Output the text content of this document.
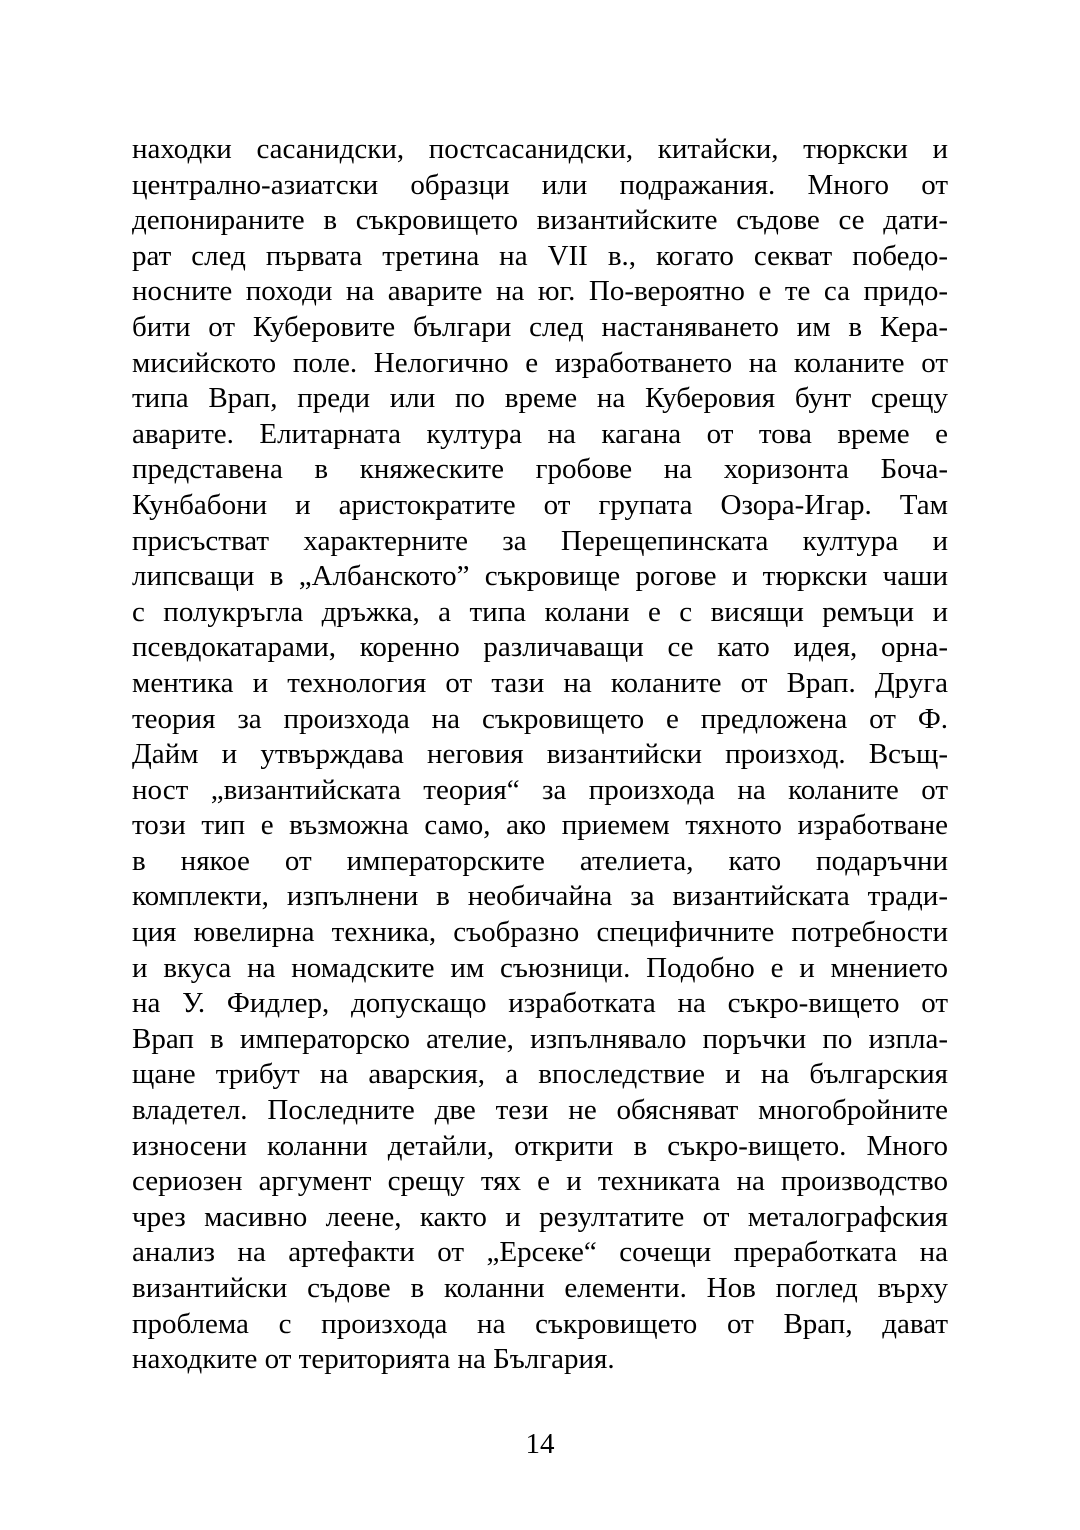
находки сасанидски, постсасанидски, китайски, тюркски и
централно-азиатски образци или подражания. Много от
депонираните в съкровището византийските съдове се дати-
рат след първата третина на VII в., когато секват победо-
носните походи на аварите на юг. По-вероятно е те са придо-
бити от Куберовите българи след настаняването им в Кера-
мисийското поле. Нелогично е изработването на коланите от
типа Врап, преди или по време на Куберовия бунт срещу
аварите. Елитарната култура на кагана от това време е
представена в княжеските гробове на хоризонта Боча-
Кунбабони и аристократите от групата Озора-Игар. Там
присъстват характерните за Перещепинската култура и
липсващи в „Албанското” съкровище рогове и тюркски чаши
с полукръгла дръжка, а типа колани е с висящи ремъци и
псевдокатарами, коренно различаващи се като идея, орна-
ментика и технология от тази на коланите от Врап. Друга
теория за произхода на съкровището е предложена от Ф.
Дайм и утвърждава неговия византийски произход. Всъщ-
ност „византийската теория“ за произхода на коланите от
този тип е възможна само, ако приемем тяхното изработване
в някое от императорските ателиета, като подаръчни
комплекти, изпълнени в необичайна за византийската тради-
ция ювелирна техника, съобразно специфичните потребности
и вкуса на номадските им съюзници. Подобно е и мнението
на У. Фидлер, допускащо изработката на съкро-вището от
Врап в императорско ателие, изпълнявало поръчки по изпла-
щане трибут на аварския, а впоследствие и на българския
владетел. Последните две тези не обясняват многобройните
износени коланни детайли, открити в съкро-вището. Много
сериозен аргумент срещу тях е и техниката на производство
чрез масивно леене, както и резултатите от металографския
анализ на артефакти от „Ерсеке“ сочещи преработката на
византийски съдове в коланни елементи. Нов поглед върху
проблема с произхода на съкровището от Врап, дават
находките от територията на България.
14
